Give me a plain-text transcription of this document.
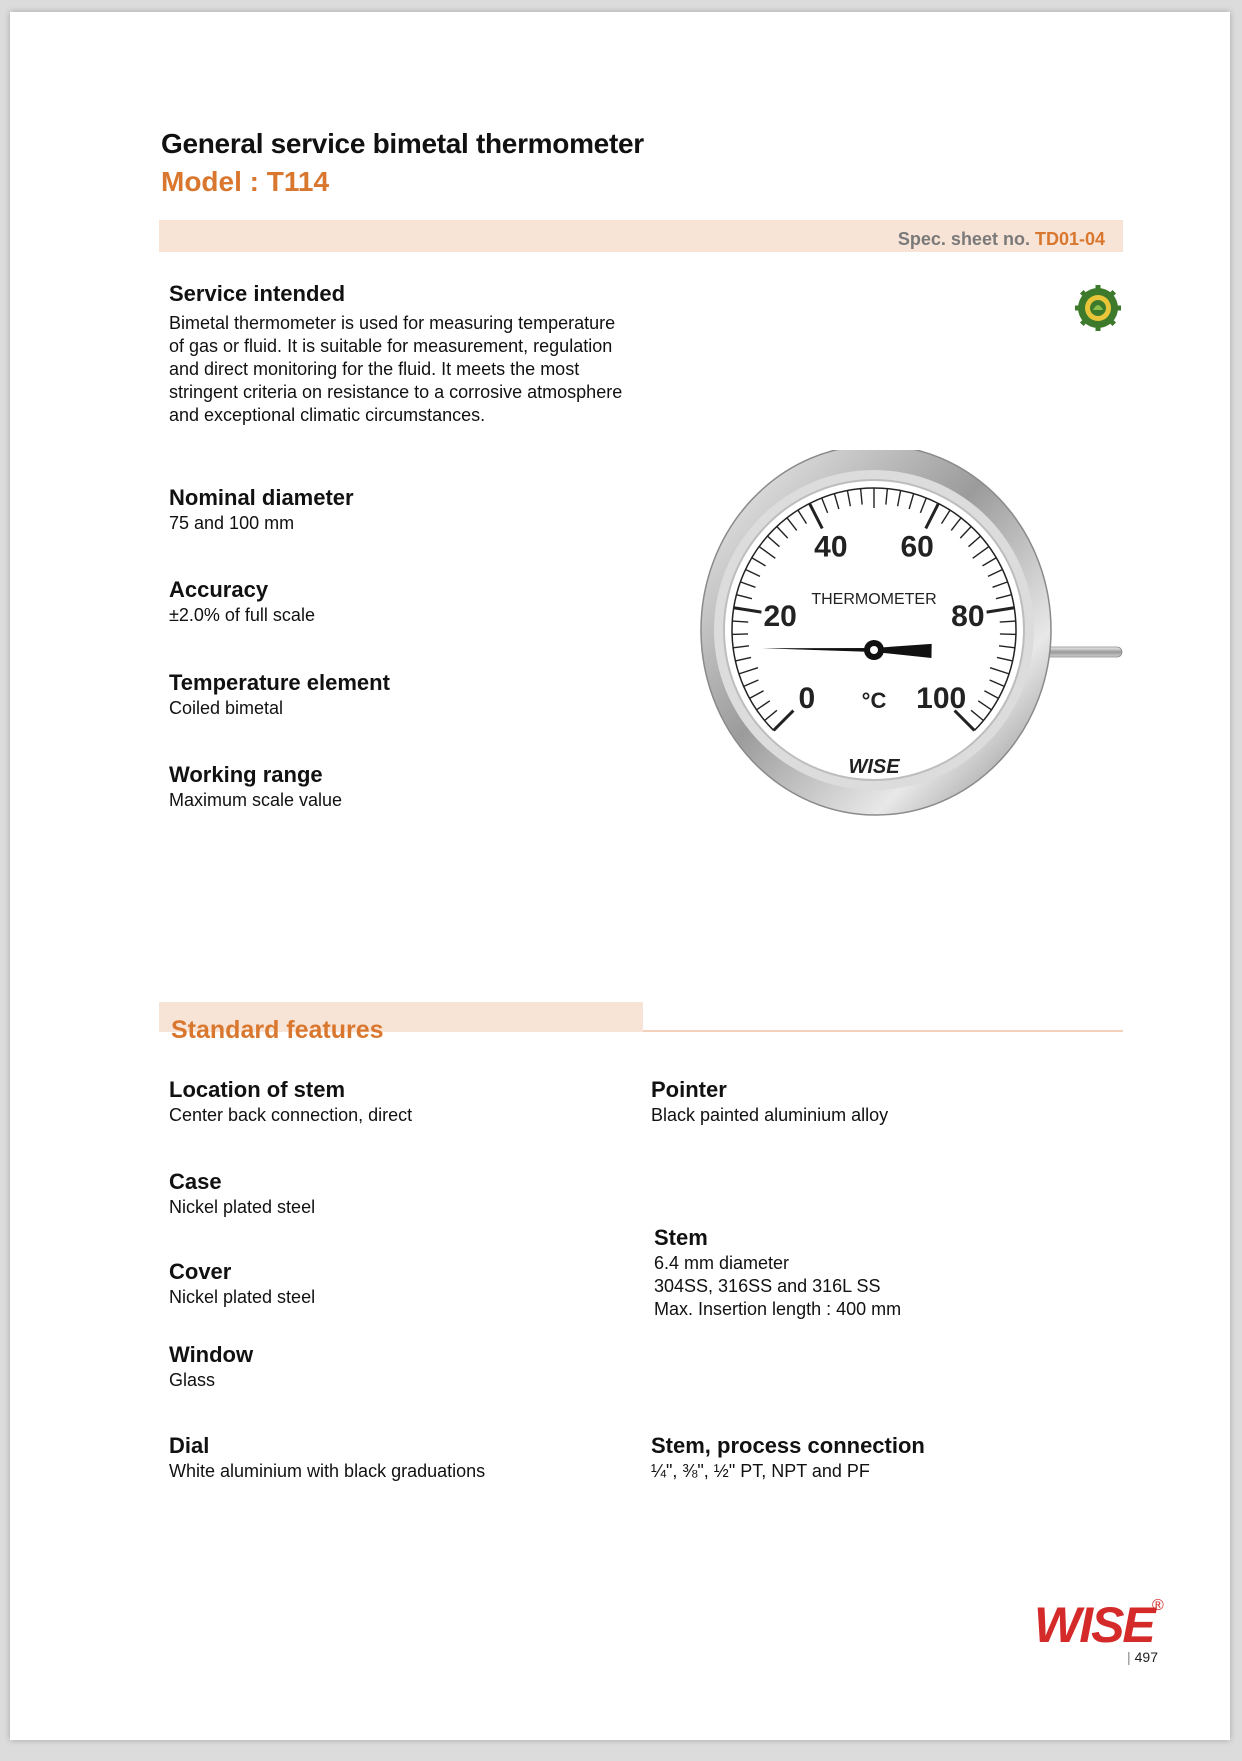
General service bimetal thermometer
Model : T114
Spec. sheet no. TD01-04
Service intended
Bimetal thermometer is used for measuring temperature
of gas or fluid. It is suitable for measurement, regulation
and direct monitoring for the fluid. It meets the most
stringent criteria on resistance to a corrosive atmosphere
and exceptional climatic circumstances.
Nominal diameter
75 and 100 mm
Accuracy
±2.0% of full scale
Temperature element
Coiled bimetal
Working range
Maximum scale value
0
20
40 60
80
100
THERMOMETER
°C
WISE
Standard features
Location of stem
Center back connection, direct
Case
Nickel plated steel
Cover
Nickel plated steel
Window
Glass
Dial
White aluminium with black graduations
Pointer
Black painted aluminium alloy
Stem
6.4 mm diameter
304SS, 316SS and 316L SS
Max. Insertion length : 400 mm
Stem, process connection
¼", ⅜", ½" PT, NPT and PF
WISE
®
| 497
